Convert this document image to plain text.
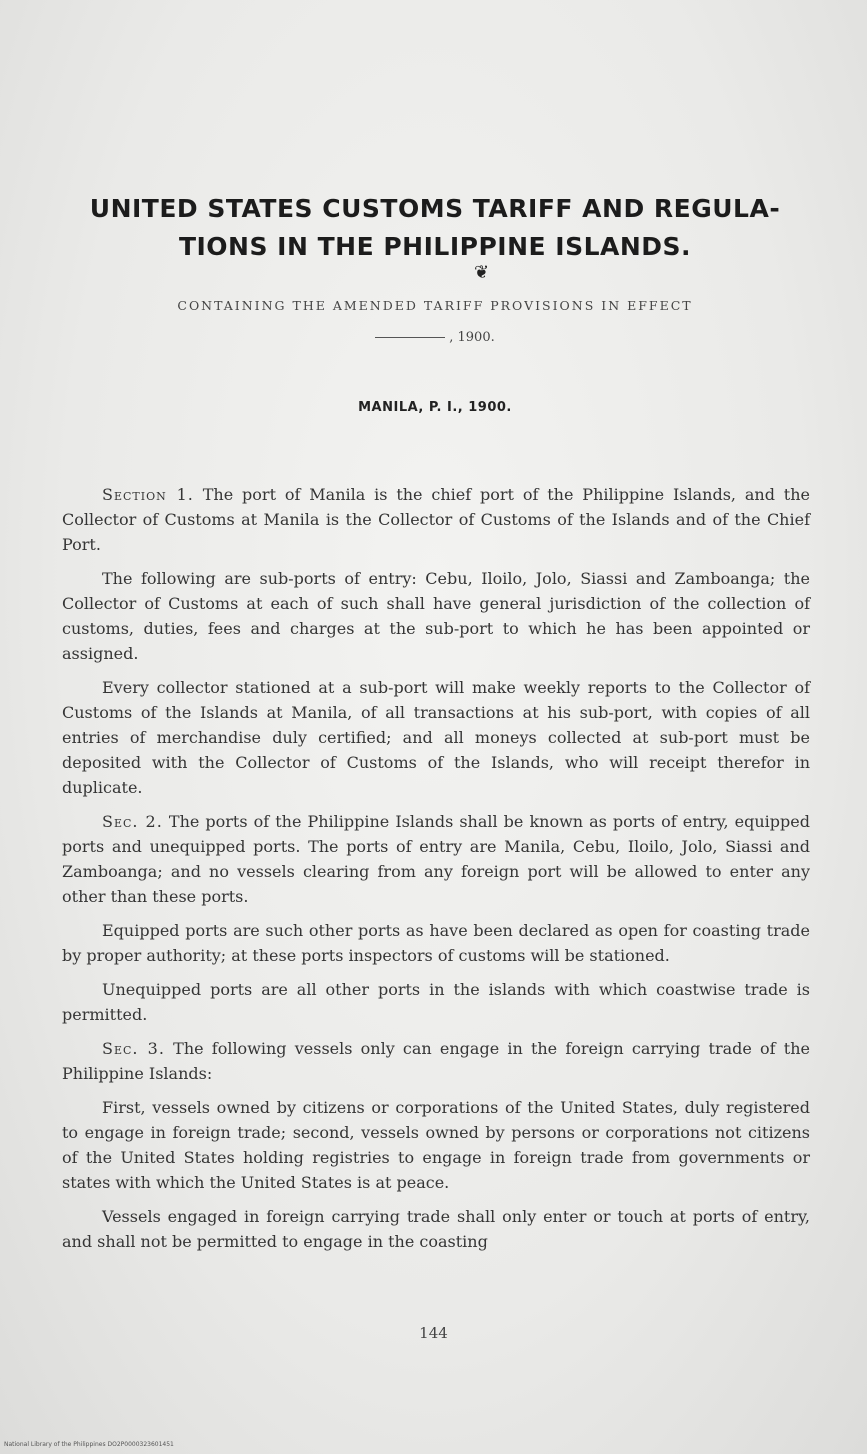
UNITED STATES CUSTOMS TARIFF AND REGULA-
TIONS IN THE PHILIPPINE ISLANDS.
❦
CONTAINING THE AMENDED TARIFF PROVISIONS IN EFFECT
, 1900.
MANILA, P. I., 1900.

Section 1. The port of Manila is the chief port of the Philippine Islands, and the Collector of Customs at Manila is the Collector of Customs of the Islands and of the Chief Port.

The following are sub-ports of entry: Cebu, Iloilo, Jolo, Siassi and Zamboanga; the Collector of Customs at each of such shall have general jurisdiction of the collection of customs, duties, fees and charges at the sub-port to which he has been appointed or assigned.

Every collector stationed at a sub-port will make weekly reports to the Collector of Customs of the Islands at Manila, of all transactions at his sub-port, with copies of all entries of merchandise duly certified; and all moneys collected at sub-port must be deposited with the Collector of Customs of the Islands, who will receipt therefor in duplicate.

Sec. 2. The ports of the Philippine Islands shall be known as ports of entry, equipped ports and unequipped ports. The ports of entry are Manila, Cebu, Iloilo, Jolo, Siassi and Zamboanga; and no vessels clearing from any foreign port will be allowed to enter any other than these ports.

Equipped ports are such other ports as have been declared as open for coasting trade by proper authority; at these ports inspectors of customs will be stationed.

Unequipped ports are all other ports in the islands with which coastwise trade is permitted.

Sec. 3. The following vessels only can engage in the foreign carrying trade of the Philippine Islands:

First, vessels owned by citizens or corporations of the United States, duly registered to engage in foreign trade; second, vessels owned by persons or corporations not citizens of the United States holding registries to engage in foreign trade from governments or states with which the United States is at peace.

Vessels engaged in foreign carrying trade shall only enter or touch at ports of entry, and shall not be permitted to engage in the coasting

144
National Library of the Philippines DO2P0000323601451
